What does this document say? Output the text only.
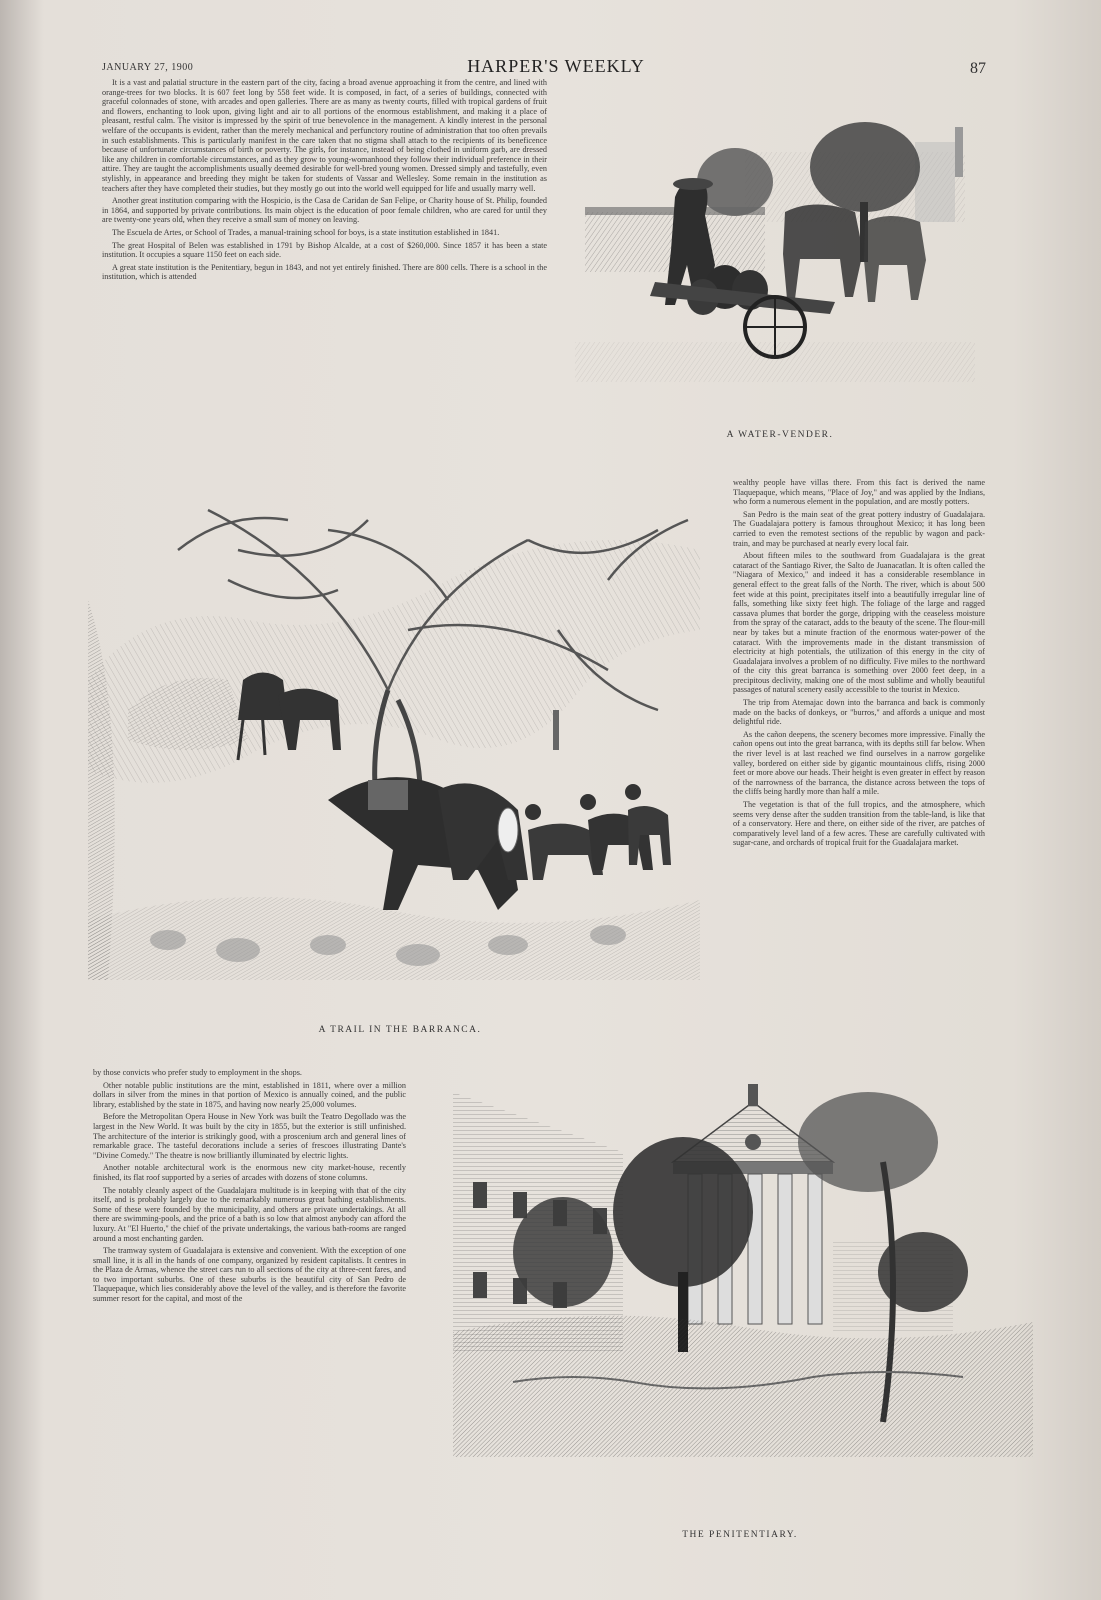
JANUARY 27, 1900	HARPER'S WEEKLY	87

It is a vast and palatial structure in the eastern part of the city, facing a broad avenue approaching it from the centre, and lined with orange-trees for two blocks. It is 607 feet long by 558 feet wide. It is composed, in fact, of a series of buildings, connected with graceful colonnades of stone, with arcades and open galleries. There are as many as twenty courts, filled with tropical gardens of fruit and flowers, enchanting to look upon, giving light and air to all portions of the enormous establishment, and making it a place of pleasant, restful calm. The visitor is impressed by the spirit of true benevolence in the management. A kindly interest in the personal welfare of the occupants is evident, rather than the merely mechanical and perfunctory routine of administration that too often prevails in such establishments. This is particularly manifest in the care taken that no stigma shall attach to the recipients of its beneficence because of unfortunate circumstances of birth or poverty. The girls, for instance, instead of being clothed in uniform garb, are dressed like any children in comfortable circumstances, and as they grow to young-womanhood they follow their individual preference in their attire. They are taught the accomplishments usually deemed desirable for well-bred young women. Dressed simply and tastefully, even stylishly, in appearance and breeding they might be taken for students of Vassar and Wellesley. Some remain in the institution as teachers after they have completed their studies, but they mostly go out into the world well equipped for life and usually marry well.

Another great institution comparing with the Hospicio, is the Casa de Caridan de San Felipe, or Charity house of St. Philip, founded in 1864, and supported by private contributions. Its main object is the education of poor female children, who are cared for until they are twenty-one years old, when they receive a small sum of money on leaving.

The Escuela de Artes, or School of Trades, a manual-training school for boys, is a state institution established in 1841.

The great Hospital of Belen was established in 1791 by Bishop Alcalde, at a cost of $260,000. Since 1857 it has been a state institution. It occupies a square 1150 feet on each side.

A great state institution is the Penitentiary, begun in 1843, and not yet entirely finished. There are 800 cells. There is a school in the institution, which is attended

A WATER-VENDER.
A TRAIL IN THE BARRANCA.

wealthy people have villas there. From this fact is derived the name Tlaquepaque, which means, "Place of Joy," and was applied by the Indians, who form a numerous element in the population, and are mostly potters.

San Pedro is the main seat of the great pottery industry of Guadalajara. The Guadalajara pottery is famous throughout Mexico; it has long been carried to even the remotest sections of the republic by wagon and pack-train, and may be purchased at nearly every local fair.

About fifteen miles to the southward from Guadalajara is the great cataract of the Santiago River, the Salto de Juanacatlan. It is often called the "Niagara of Mexico," and indeed it has a considerable resemblance in general effect to the great falls of the North. The river, which is about 500 feet wide at this point, precipitates itself into a beautifully irregular line of falls, something like sixty feet high. The foliage of the large and ragged cassava plumes that border the gorge, dripping with the ceaseless moisture from the spray of the cataract, adds to the beauty of the scene. The flour-mill near by takes but a minute fraction of the enormous water-power of the cataract. With the improvements made in the distant transmission of electricity at high potentials, the utilization of this energy in the city of Guadalajara involves a problem of no difficulty. Five miles to the northward of the city this great barranca is something over 2000 feet deep, in a precipitous declivity, making one of the most sublime and wholly beautiful passages of natural scenery easily accessible to the tourist in Mexico.

The trip from Atemajac down into the barranca and back is commonly made on the backs of donkeys, or "burros," and affords a unique and most delightful ride.

As the cañon deepens, the scenery becomes more impressive. Finally the cañon opens out into the great barranca, with its depths still far below. When the river level is at last reached we find ourselves in a narrow gorgelike valley, bordered on either side by gigantic mountainous cliffs, rising 2000 feet or more above our heads. Their height is even greater in effect by reason of the narrowness of the barranca, the distance across between the tops of the cliffs being hardly more than half a mile.

The vegetation is that of the full tropics, and the atmosphere, which seems very dense after the sudden transition from the table-land, is like that of a conservatory. Here and there, on either side of the river, are patches of comparatively level land of a few acres. These are carefully cultivated with sugar-cane, and orchards of tropical fruit for the Guadalajara market.

by those convicts who prefer study to employment in the shops.

Other notable public institutions are the mint, established in 1811, where over a million dollars in silver from the mines in that portion of Mexico is annually coined, and the public library, established by the state in 1875, and having now nearly 25,000 volumes.

Before the Metropolitan Opera House in New York was built the Teatro Degollado was the largest in the New World. It was built by the city in 1855, but the exterior is still unfinished. The architecture of the interior is strikingly good, with a proscenium arch and general lines of remarkable grace. The tasteful decorations include a series of frescoes illustrating Dante's "Divine Comedy." The theatre is now brilliantly illuminated by electric lights.

Another notable architectural work is the enormous new city market-house, recently finished, its flat roof supported by a series of arcades with dozens of stone columns.

The notably cleanly aspect of the Guadalajara multitude is in keeping with that of the city itself, and is probably largely due to the remarkably numerous great bathing establishments. Some of these were founded by the municipality, and others are private undertakings. At all there are swimming-pools, and the price of a bath is so low that almost anybody can afford the luxury. At "El Huerto," the chief of the private undertakings, the various bath-rooms are ranged around a most enchanting garden.

The tramway system of Guadalajara is extensive and convenient. With the exception of one small line, it is all in the hands of one company, organized by resident capitalists. It centres in the Plaza de Armas, whence the street cars run to all sections of the city at three-cent fares, and to two important suburbs. One of these suburbs is the beautiful city of San Pedro de Tlaquepaque, which lies considerably above the level of the valley, and is therefore the favorite summer resort for the capital, and most of the

THE PENITENTIARY.
